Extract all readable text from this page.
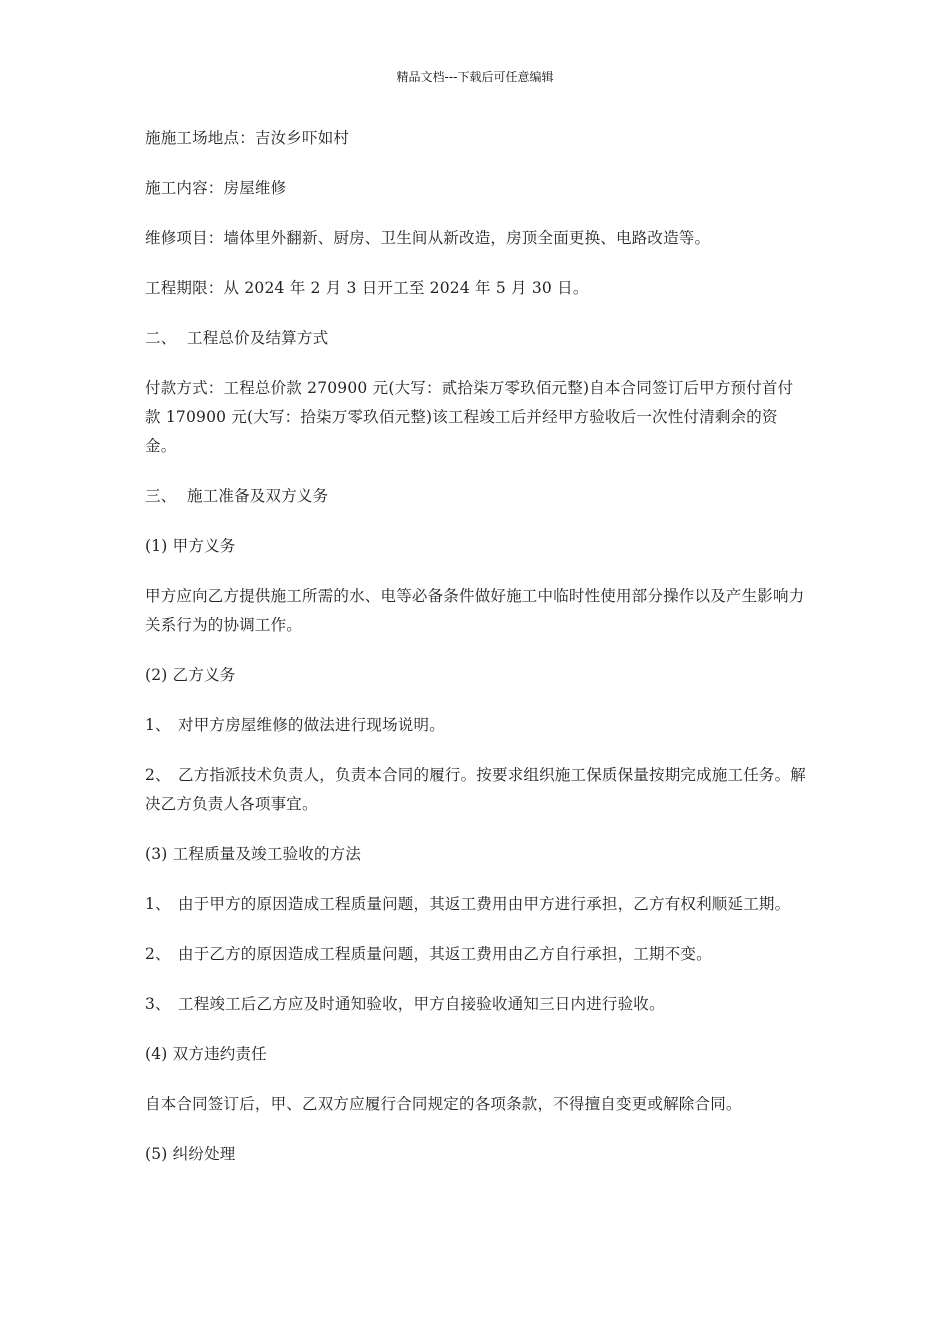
精品文档---下载后可任意编辑

施施工场地点：吉汝乡吓如村

施工内容：房屋维修

维修项目：墙体里外翻新、厨房、卫生间从新改造，房顶全面更换、电路改造等。

工程期限：从 2024 年 2 月 3 日开工至 2024 年 5 月 30 日。

二、 工程总价及结算方式

付款方式：工程总价款 270900 元(大写：贰拾柒万零玖佰元整)自本合同签订后甲方预付首付款 170900 元(大写：拾柒万零玖佰元整)该工程竣工后并经甲方验收后一次性付清剩余的资金。

三、 施工准备及双方义务

(1) 甲方义务

甲方应向乙方提供施工所需的水、电等必备条件做好施工中临时性使用部分操作以及产生影响力关系行为的协调工作。

(2) 乙方义务

1、 对甲方房屋维修的做法进行现场说明。

2、 乙方指派技术负责人，负责本合同的履行。按要求组织施工保质保量按期完成施工任务。解决乙方负责人各项事宜。

(3) 工程质量及竣工验收的方法

1、 由于甲方的原因造成工程质量问题，其返工费用由甲方进行承担，乙方有权利顺延工期。

2、 由于乙方的原因造成工程质量问题，其返工费用由乙方自行承担，工期不变。

3、 工程竣工后乙方应及时通知验收，甲方自接验收通知三日内进行验收。

(4) 双方违约责任

自本合同签订后，甲、乙双方应履行合同规定的各项条款，不得擅自变更或解除合同。

(5) 纠纷处理
